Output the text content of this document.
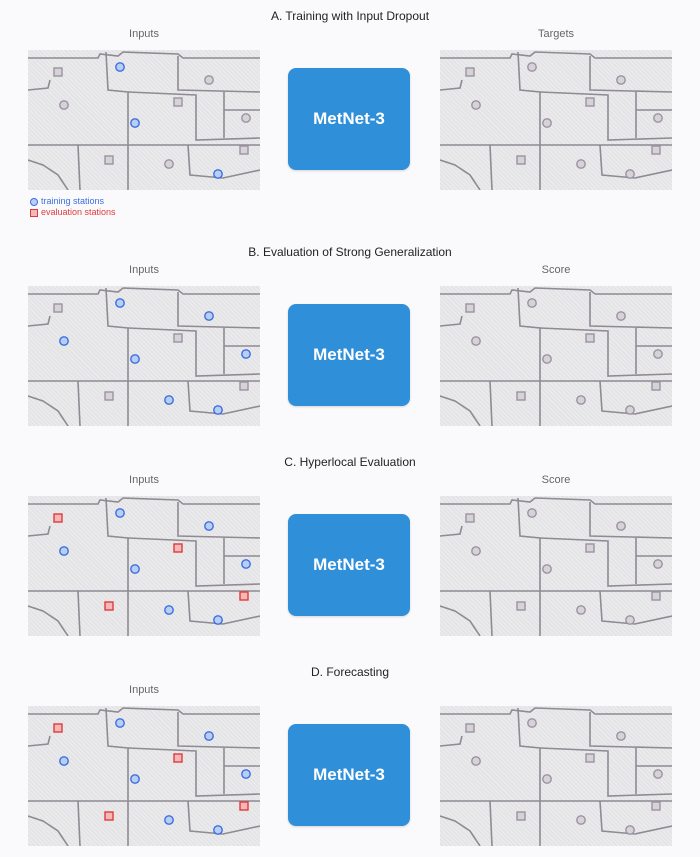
A. Training with Input Dropout
Inputs	Targets
MetNet-3
B. Evaluation of Strong Generalization
Inputs	Score
MetNet-3
C. Hyperlocal Evaluation
Inputs	Score
MetNet-3
D. Forecasting
Inputs
MetNet-3
training stations
evaluation stations
